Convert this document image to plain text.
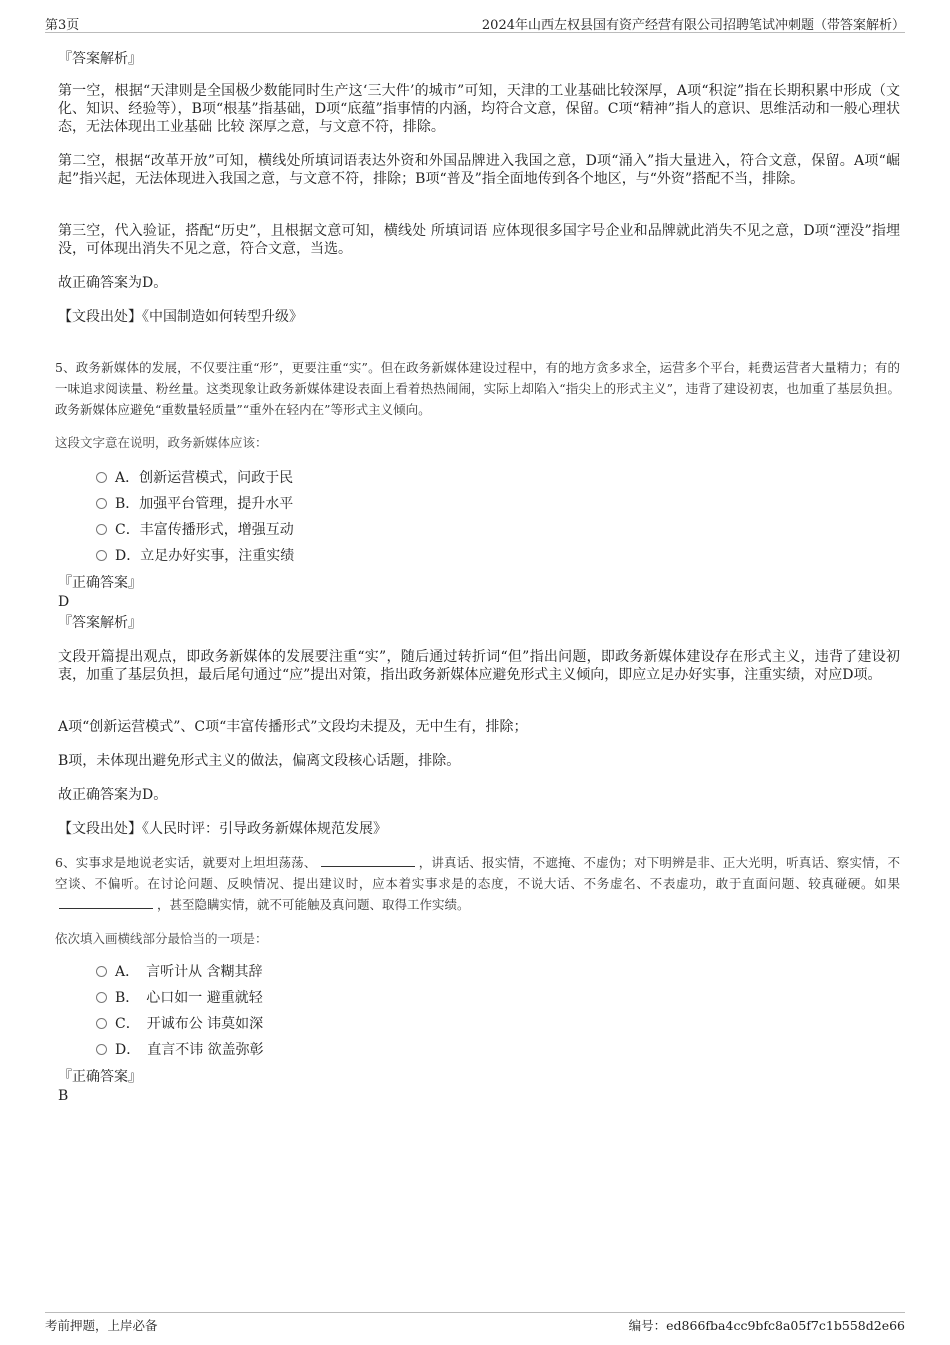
第3页	2024年山西左权县国有资产经营有限公司招聘笔试冲刺题（带答案解析）
『答案解析』
第一空，根据“天津则是全国极少数能同时生产这‘三大件’的城市”可知，天津的工业基础比较深厚，A项“积淀”指在长期积累中形成（文化、知识、经验等），B项“根基”指基础，D项“底蕴”指事情的内涵，均符合文意，保留。C项“精神”指人的意识、思维活动和一般心理状态，无法体现出工业基础 比较 深厚之意，与文意不符，排除。
第二空，根据“改革开放”可知，横线处所填词语表达外资和外国品牌进入我国之意，D项“涌入”指大量进入，符合文意，保留。A项“崛起”指兴起，无法体现进入我国之意，与文意不符，排除；B项“普及”指全面地传到各个地区，与“外资”搭配不当，排除。
第三空，代入验证，搭配“历史”，且根据文意可知，横线处 所填词语 应体现很多国字号企业和品牌就此消失不见之意，D项“湮没”指埋没，可体现出消失不见之意，符合文意，当选。
故正确答案为D。
【文段出处】《中国制造如何转型升级》
5、政务新媒体的发展，不仅要注重“形”，更要注重“实”。但在政务新媒体建设过程中，有的地方贪多求全，运营多个平台，耗费运营者大量精力；有的一味追求阅读量、粉丝量。这类现象让政务新媒体建设表面上看着热热闹闹，实际上却陷入“指尖上的形式主义”，违背了建设初衷，也加重了基层负担。政务新媒体应避免“重数量轻质量”“重外在轻内在”等形式主义倾向。
这段文字意在说明，政务新媒体应该：
A．创新运营模式，问政于民
B．加强平台管理，提升水平
C．丰富传播形式，增强互动
D．立足办好实事，注重实绩
『正确答案』
D
『答案解析』
文段开篇提出观点，即政务新媒体的发展要注重“实”，随后通过转折词“但”指出问题，即政务新媒体建设存在形式主义，违背了建设初衷，加重了基层负担，最后尾句通过“应”提出对策，指出政务新媒体应避免形式主义倾向，即应立足办好实事，注重实绩，对应D项。
A项“创新运营模式”、C项“丰富传播形式”文段均未提及，无中生有，排除；
B项，未体现出避免形式主义的做法，偏离文段核心话题，排除。
故正确答案为D。
【文段出处】《人民时评：引导政务新媒体规范发展》
6、实事求是地说老实话，就要对上坦坦荡荡、	，讲真话、报实情，不遮掩、不虚伪；对下明辨是非、正大光明，听真话、察实情，不空谈、不偏听。在讨论问题、反映情况、提出建议时，应本着实事求是的态度，不说大话、不务虚名、不表虚功，敢于直面问题、较真碰硬。如果，甚至隐瞒实情，就不可能触及真问题、取得工作实绩。
依次填入画横线部分最恰当的一项是：
A．　言听计从 含糊其辞
B．　心口如一 避重就轻
C．　开诚布公 讳莫如深
D．　直言不讳 欲盖弥彰
『正确答案』
B
考前押题，上岸必备	编号：ed866fba4cc9bfc8a05f7c1b558d2e66
